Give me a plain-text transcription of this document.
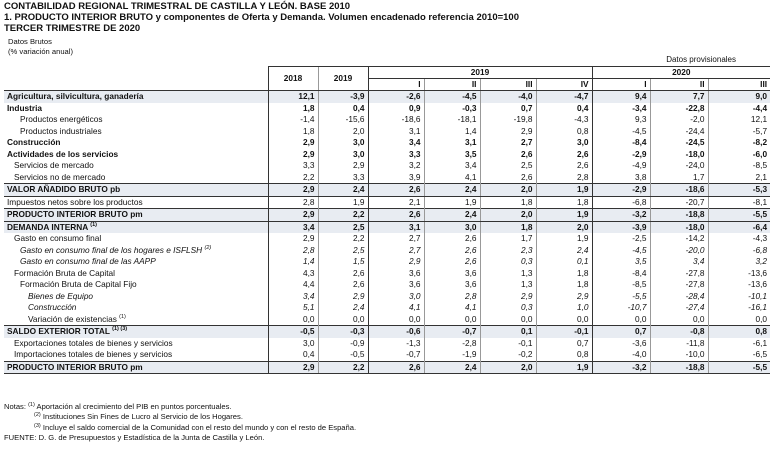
CONTABILIDAD REGIONAL TRIMESTRAL DE CASTILLA Y LEÓN. BASE 2010
1. PRODUCTO INTERIOR BRUTO y componentes de Oferta y Demanda. Volumen encadenado referencia 2010=100
TERCER TRIMESTRE DE 2020
Datos Brutos
(% variación anual)
Datos provisionales
	2018	2019	2019				2020		
			I	II	III	IV	I	II	III
Agricultura, silvicultura, ganadería	12,1	-3,9	-2,6	-4,5	-4,0	-4,7	9,4	7,7	9,0
Industria	1,8	0,4	0,9	-0,3	0,7	0,4	-3,4	-22,8	-4,4
Productos energéticos	-1,4	-15,6	-18,6	-18,1	-19,8	-4,3	9,3	-2,0	12,1
Productos industriales	1,8	2,0	3,1	1,4	2,9	0,8	-4,5	-24,4	-5,7
Construcción	2,9	3,0	3,4	3,1	2,7	3,0	-8,4	-24,5	-8,2
Actividades de los servicios	2,9	3,0	3,3	3,5	2,6	2,6	-2,9	-18,0	-6,0
Servicios de mercado	3,3	2,9	3,2	3,4	2,5	2,6	-4,9	-24,0	-8,5
Servicios no de mercado	2,2	3,3	3,9	4,1	2,6	2,8	3,8	1,7	2,1
VALOR AÑADIDO BRUTO pb	2,9	2,4	2,6	2,4	2,0	1,9	-2,9	-18,6	-5,3
Impuestos netos sobre los productos	2,8	1,9	2,1	1,9	1,8	1,8	-6,8	-20,7	-8,1
PRODUCTO INTERIOR BRUTO pm	2,9	2,2	2,6	2,4	2,0	1,9	-3,2	-18,8	-5,5
DEMANDA INTERNA $^{(1)}$	3,4	2,5	3,1	3,0	1,8	2,0	-3,9	-18,0	-6,4
Gasto en consumo final	2,9	2,2	2,7	2,6	1,7	1,9	-2,5	-14,2	-4,3
Gasto en consumo final de los hogares e ISFLSH $^{(2)}$	2,8	2,5	2,7	2,6	2,3	2,4	-4,5	-20,0	-6,8
Gasto en consumo final de las AAPP	1,4	1,5	2,9	2,6	0,3	0,1	3,5	3,4	3,2
Formación Bruta de Capital	4,3	2,6	3,6	3,6	1,3	1,8	-8,4	-27,8	-13,6
Formación Bruta de Capital Fijo	4,4	2,6	3,6	3,6	1,3	1,8	-8,5	-27,8	-13,6
Bienes de Equipo	3,4	2,9	3,0	2,8	2,9	2,9	-5,5	-28,4	-10,1
Construcción	5,1	2,4	4,1	4,1	0,3	1,0	-10,7	-27,4	-16,1
Variación de existencias $^{(1)}$	0,0	0,0	0,0	0,0	0,0	0,0	0,0	0,0	0,0
SALDO EXTERIOR TOTAL $^{(1) (3)}$	-0,5	-0,3	-0,6	-0,7	0,1	-0,1	0,7	-0,8	0,8
Exportaciones totales de bienes y servicios	3,0	-0,9	-1,3	-2,8	-0,1	0,7	-3,6	-11,8	-6,1
Importaciones totales de bienes y servicios	0,4	-0,5	-0,7	-1,9	-0,2	0,8	-4,0	-10,0	-6,5
PRODUCTO INTERIOR BRUTO pm	2,9	2,2	2,6	2,4	2,0	1,9	-3,2	-18,8	-5,5
Notas: $^{(1)}$ Aportación al crecimiento del PIB en puntos porcentuales.
$^{(2)}$ Instituciones Sin Fines de Lucro al Servicio de los Hogares.
$^{(3)}$ Incluye el saldo comercial de la Comunidad con el resto del mundo y con el resto de España.
FUENTE: D. G. de Presupuestos y Estadística de la Junta de Castilla y León.
